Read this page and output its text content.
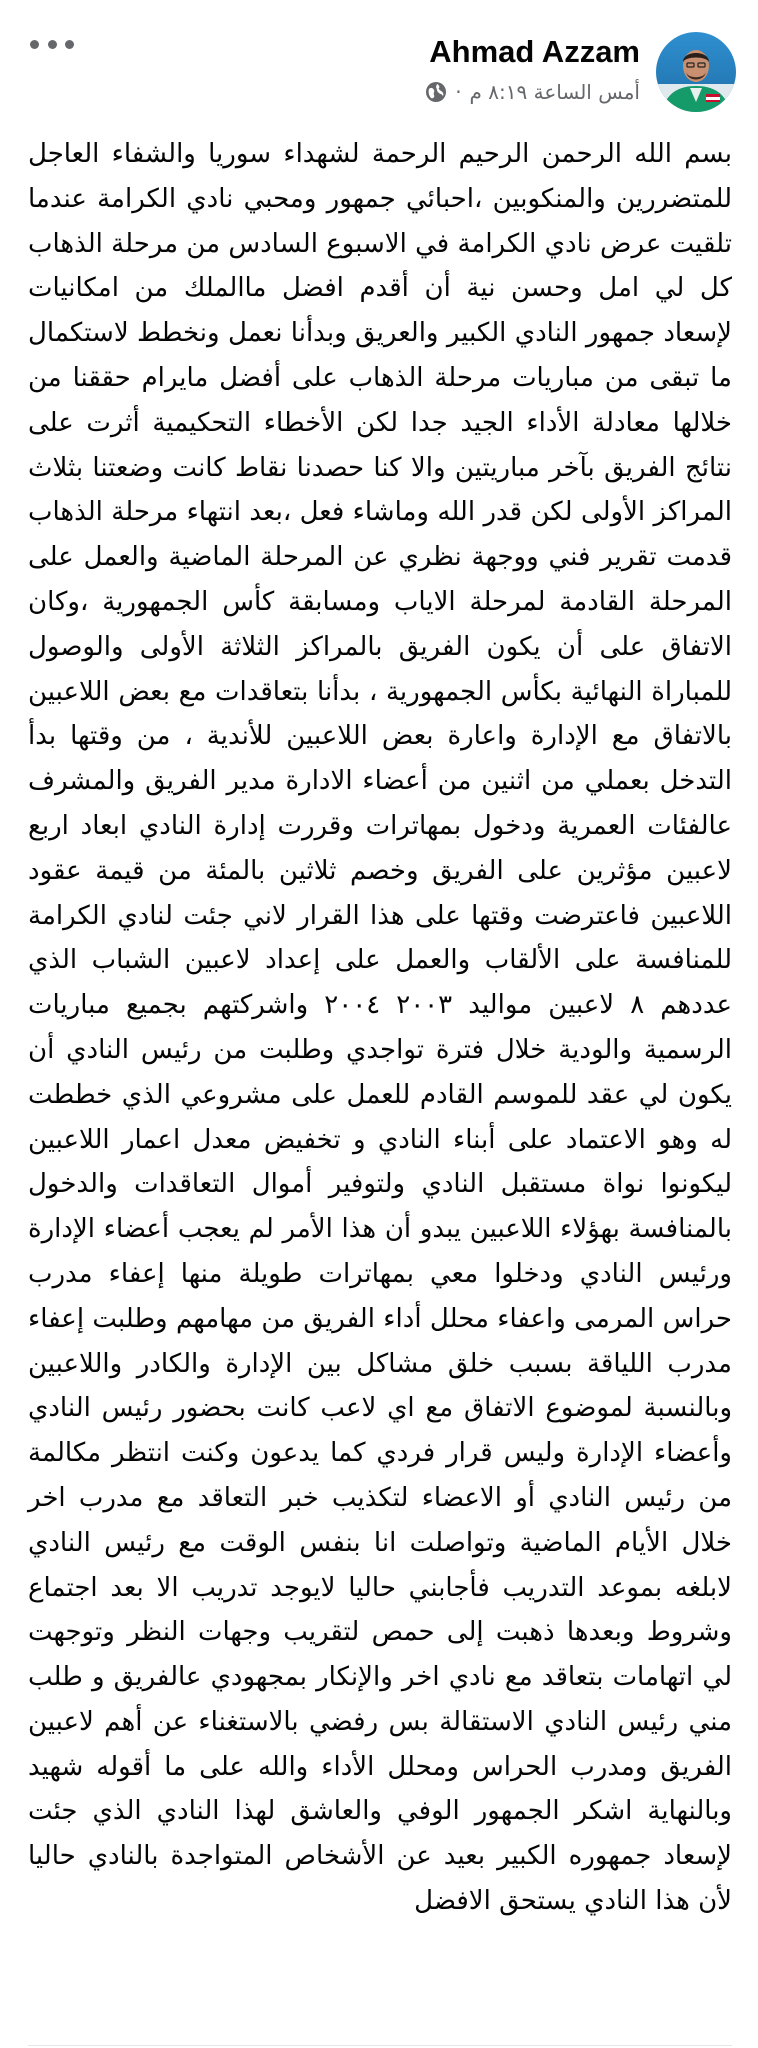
Ahmad Azzam
أمس الساعة ٨:١٩ م
·

بسم الله الرحمن الرحيم الرحمة لشهداء سوريا والشفاء العاجل للمتضررين والمنكوبين ،احبائي جمهور ومحبي نادي الكرامة عندما تلقيت عرض نادي الكرامة في الاسبوع السادس من مرحلة الذهاب كل لي امل وحسن نية أن أقدم افضل ماالملك من امكانيات لإسعاد جمهور النادي الكبير والعريق وبدأنا نعمل ونخطط لاستكمال ما تبقى من مباريات مرحلة الذهاب على أفضل مايرام حققنا من خلالها معادلة الأداء الجيد جدا لكن الأخطاء التحكيمية أثرت على نتائج الفريق بآخر مباريتين والا كنا حصدنا نقاط كانت وضعتنا بثلاث المراكز الأولى لكن قدر الله وماشاء فعل ،بعد انتهاء مرحلة الذهاب قدمت تقرير فني ووجهة نظري عن المرحلة الماضية والعمل على المرحلة القادمة لمرحلة الاياب ومسابقة كأس الجمهورية ،وكان الاتفاق على أن يكون الفريق بالمراكز الثلاثة الأولى والوصول للمباراة النهائية بكأس الجمهورية ، بدأنا بتعاقدات مع بعض اللاعبين بالاتفاق مع الإدارة واعارة بعض اللاعبين للأندية ، من وقتها بدأ التدخل بعملي من اثنين من أعضاء الادارة مدير الفريق والمشرف عالفئات العمرية ودخول بمهاترات وقررت إدارة النادي ابعاد اربع لاعبين مؤثرين على الفريق وخصم ثلاثين بالمئة من قيمة عقود اللاعبين فاعترضت وقتها على هذا القرار لاني جئت لنادي الكرامة للمنافسة على الألقاب والعمل على إعداد لاعبين الشباب الذي عددهم ٨ لاعبين مواليد ٢٠٠٣ ٢٠٠٤ واشركتهم بجميع مباريات الرسمية والودية خلال فترة تواجدي وطلبت من رئيس النادي أن يكون لي عقد للموسم القادم للعمل على مشروعي الذي خططت له وهو الاعتماد على أبناء النادي و تخفيض معدل اعمار اللاعبين ليكونوا نواة مستقبل النادي ولتوفير أموال التعاقدات والدخول بالمنافسة بهؤلاء اللاعبين يبدو أن هذا الأمر لم يعجب أعضاء الإدارة ورئيس النادي ودخلوا معي بمهاترات طويلة منها إعفاء مدرب حراس المرمى واعفاء محلل أداء الفريق من مهامهم وطلبت إعفاء مدرب اللياقة بسبب خلق مشاكل بين الإدارة والكادر واللاعبين وبالنسبة لموضوع الاتفاق مع اي لاعب كانت بحضور رئيس النادي وأعضاء الإدارة وليس قرار فردي كما يدعون وكنت انتظر مكالمة من رئيس النادي أو الاعضاء لتكذيب خبر التعاقد مع مدرب اخر خلال الأيام الماضية وتواصلت انا بنفس الوقت مع رئيس النادي لابلغه بموعد التدريب فأجابني حاليا لايوجد تدريب الا بعد اجتماع وشروط وبعدها ذهبت إلى حمص لتقريب وجهات النظر وتوجهت لي اتهامات بتعاقد مع نادي اخر والإنكار بمجهودي عالفريق و طلب مني رئيس النادي الاستقالة بس رفضي بالاستغناء عن أهم لاعبين الفريق ومدرب الحراس ومحلل الأداء والله على ما أقوله شهيد وبالنهاية اشكر الجمهور الوفي والعاشق لهذا النادي الذي جئت لإسعاد جمهوره الكبير بعيد عن الأشخاص المتواجدة بالنادي حاليا لأن هذا النادي يستحق الافضل
